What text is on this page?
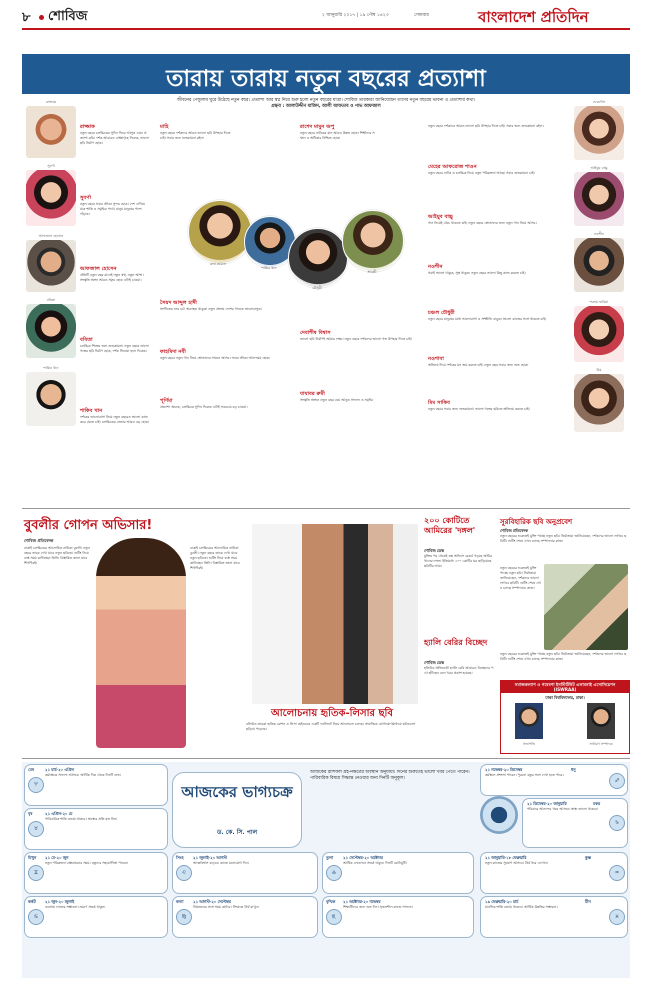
৮ শোবিজ	২ জানুয়ারি ২০১৭ | ১৯ পৌষ ১৪২৩	সোমবার	বাংলাদেশ প্রতিদিন
তারায় তারায় নতুন বছরের প্রত্যাশা
জীবনের পেন্ডুলাম ঘুরে উঠেছে নতুন বছর। প্রত্যাশা আর স্বপ্ন নিয়ে শুরু হলো নতুন বছরের যাত্রা। শোবিজ তারকারা জানিয়েছেন তাদের নতুন বছরের ভাবনা ও প্রত্যাশার কথা।
গ্রন্থনা : আলাউদ্দীন মাজিদ, আলী আফতাব ও পাভ আফজাল
রাজ্জাক
সুবর্ণা
আফজাল হোসেন
ববিতা
শাকিব খান
ফেরদৌস
আইয়ুব বাচ্চু
নওশীন
শবনম ফারিয়া
মিম
রুনা লায়লা
শাকিব খান
মৌসুমী
শ্রাবন্তী
রাজ্জাক
নতুন বছরে চলচ্চিত্রের সুদিন ফিরে আসুক এমন প্রত্যাশা করি। দর্শক আবারও প্রেক্ষাগৃহে ফিরুক, ভালো ছবি নির্মাণ হোক।
সুবর্ণা
নতুন বছরে সবার জীবন সুন্দর হোক। দেশ এগিয়ে যাক শান্তি ও সমৃদ্ধির পথে। মানুষ মানুষের পাশে দাঁড়াক।
আফজাল হোসেন
প্রতিটি নতুন বছর মানেই নতুন স্বপ্ন, নতুন আশা। সংস্কৃতি অঙ্গন আরও সমৃদ্ধ হোক এটাই চাওয়া।
ববিতা
চলচ্চিত্র শিল্পের জন্য শুভকামনা। নতুন বছরে ভালো গল্পের ছবি নির্মাণ হোক, দর্শক সিনেমা হলে ফিরুক।
শাকিব খান
দর্শকের ভালোবাসা নিয়ে নতুন বছরেও ভালো কাজ করে যেতে চাই। চলচ্চিত্রের বাজার আরও বড় হোক।
মাহি
নতুন বছরে দর্শকদের আরও ভালো ছবি উপহার দিতে চাই। সবার জন্য শুভকামনা রইল।
রাশেদ মামুন অপু
নতুন বছরে নাটকের মান আরও উন্নত হোক। শিল্পীদের সম্মান ও অধিকার নিশ্চিত হোক।
সৈয়দ আব্দুল হাদী
সংগীতের শুদ্ধ চর্চা অব্যাহত থাকুক। নতুন প্রজন্ম দেশের গানকে ভালোবাসুক।
ফাহমিদা নবী
নতুন বছরে নতুন গান নিয়ে শ্রোতাদের সামনে আসব। সবার জীবন আনন্দময় হোক।
পূর্ণিমা
প্রত্যাশা অনেক, চলচ্চিত্রে সুদিন ফিরুক এটাই সবচেয়ে বড় চাওয়া।
দেবাশীষ বিশ্বাস
ভালো ছবি নির্মাণই আমার লক্ষ্য। নতুন বছরে দর্শকদের ভালো গল্প উপহার দিতে চাই।
যাযাবর রুমী
সংস্কৃতি অঙ্গনে নতুন বছর বয়ে আনুক সাফল্য ও সমৃদ্ধি।
নতুন বছরে দর্শকদের আরও ভালো ছবি উপহার দিতে চাই। সবার জন্য শুভকামনা রইল।
মেহের আফরোজ শাওন
নতুন বছরে নাটক ও চলচ্চিত্র নিয়ে নতুন পরিকল্পনা আছে। সবার শুভকামনা চাই।
আইয়ুব বাচ্চু
গান নিয়েই বেঁচে থাকতে চাই। নতুন বছরে শ্রোতাদের জন্য নতুন গান নিয়ে আসব।
নওশীন
সবাই ভালো থাকুক, সুস্থ থাকুক। নতুন বছরে ভালো কিছু কাজ করতে চাই।
চঞ্চল চৌধুরী
নতুন বছরে মানুষের মধ্যে ভালোবাসা ও সম্প্রীতি বাড়ুক। ভালো কাজের সঙ্গে থাকতে চাই।
নওশাবা
অভিনয় দিয়ে দর্শকের মন জয় করতে চাই। নতুন বছর সবার জন্য শুভ হোক।
মিম সাকিব
নতুন বছরে সবার জন্য শুভকামনা। ভালো গল্পের ছবিতে অভিনয় করতে চাই।
বুবলীর গোপন অভিসার!
শোবিজ প্রতিবেদক
ঢাকাই চলচ্চিত্রের আলোচিত নায়িকা বুবলী। নতুন বছরে তাকে দেখা যাবে নতুন ছবিতে। শুটিং নিয়ে ব্যস্ত সময় কাটাচ্ছেন তিনি। বিস্তারিত জানা যাবে শিগগিরই।
ঢাকাই চলচ্চিত্রের আলোচিত নায়িকা বুবলী। নতুন বছরে তাকে দেখা যাবে নতুন ছবিতে। শুটিং নিয়ে ব্যস্ত সময় কাটাচ্ছেন তিনি। বিস্তারিত জানা যাবে শিগগিরই।
আলোচনায় হৃতিক-লিসার ছবি
বলিউড তারকা হৃতিক রোশন ও লিসা হেইডনের একটি ফটোশুট নিয়ে আলোচনা চলছে। সামাজিক যোগাযোগমাধ্যমে ছবিগুলো ছড়িয়ে পড়েছে।
২০০ কোটিতে আমিরের 'দঙ্গল'
শোবিজ ডেস্ক
মুক্তির পর থেকেই বক্স অফিসে রেকর্ড গড়ছে আমির খানের দঙ্গল। ইতিমধ্যে ২০০ কোটির ঘর ছাড়িয়েছে ছবিটির আয়।
হ্যালি বেরির বিচ্ছেদ
শোবিজ ডেস্ক
হলিউড অভিনেত্রী হ্যালি বেরি আবারও বিচ্ছেদের পথে হাঁটছেন বলে খবর প্রকাশ হয়েছে।
সুরবিহারিক ছবি অনুপ্রবেশ
শোবিজ প্রতিবেদক
নতুন বছরের শুরুতেই মুক্তি পাচ্ছে নতুন ছবি। নির্মাতারা জানিয়েছেন, দর্শকদের ভালো লাগবে ছবিটি। শুটিং শেষে এখন চলছে সম্পাদনার কাজ।
নতুন বছরের শুরুতেই মুক্তি পাচ্ছে নতুন ছবি। নির্মাতারা জানিয়েছেন, দর্শকদের ভালো লাগবে ছবিটি। শুটিং শেষে এখন চলছে সম্পাদনার কাজ।
নতুন বছরের শুরুতেই মুক্তি পাচ্ছে নতুন ছবি। নির্মাতারা জানিয়েছেন, দর্শকদের ভালো লাগবে ছবিটি। শুটিং শেষে এখন চলছে সম্পাদনার কাজ।
সমাজকল্যাণ ও গবেষণা ইনস্টিটিউট এলামনাই এসোসিয়েশন (ISWRAA)
ঢাকা বিশ্ববিদ্যালয়, ঢাকা।
সভাপতি	সাধারণ সম্পাদক
আজকের ভাগ্যচক্র
ড. কে. সি. পাল
আজকের রাশিফল গ্রহ-নক্ষত্রের অবস্থান অনুযায়ী। দিনের শুরুতেই ভালো খবর পেতে পারেন। পারিবারিক বিষয়ে সিদ্ধান্ত নেওয়ার জন্য দিনটি অনুকূল।
♈
মেষ	২১ মার্চ-২০ এপ্রিল
কর্মক্ষেত্রে সাফল্য আসবে। আর্থিক দিক থেকে দিনটি শুভ।
♉
বৃষ	২১ এপ্রিল-২০ মে
পারিবারিক শান্তি বজায় থাকবে। স্বাস্থ্যের প্রতি যত্ন নিন।
♊
মিথুন ২১ মে-২০ জুন
নতুন পরিকল্পনা বাস্তবায়নের সময়। বন্ধুদের সহযোগিতা পাবেন।
♋
কর্কট ২১ জুন-২০ জুলাই
ব্যবসায় লাভের সম্ভাবনা। ভ্রমণে সতর্ক থাকুন।
♌
সিংহ ২১ জুলাই-২০ আগস্ট
আত্মবিশ্বাস বাড়বে। কাজে মনোযোগ দিন।
♍
কন্যা ২১ আগস্ট-২০ সেপ্টেম্বর
প্রিয়জনের সঙ্গে সময় কাটবে। সিদ্ধান্তে ধৈর্য রাখুন।
♎
তুলা	২১ সেপ্টেম্বর-২০ অক্টোবর
আর্থিক লেনদেনে সতর্ক থাকুন। দিনটি মোটামুটি।
♏
বৃশ্চিক ২১ অক্টোবর-২০ নভেম্বর
শিক্ষার্থীদের জন্য শুভ দিন। সৃজনশীল কাজে সাফল্য।
♐
২১ নভেম্বর-২০ ডিসেম্বর	ধনু
কর্মস্থলে প্রশংসা পাবেন। পুরনো বন্ধুর সঙ্গে দেখা হতে পারে।
♑
২১ ডিসেম্বর-২০ জানুয়ারি	মকর
পরিবারে আনন্দের খবর আসবে। স্বাস্থ্য ভালো থাকবে।
♒
২১ জানুয়ারি-১৮ ফেব্রুয়ারি	কুম্ভ
নতুন কাজের সুযোগ আসবে। ধৈর্য ধরে এগোন।
♓
১৯ ফেব্রুয়ারি-২০ মার্চ	মীন
মানসিক শান্তি বজায় থাকবে। আর্থিক উন্নতির সম্ভাবনা।
